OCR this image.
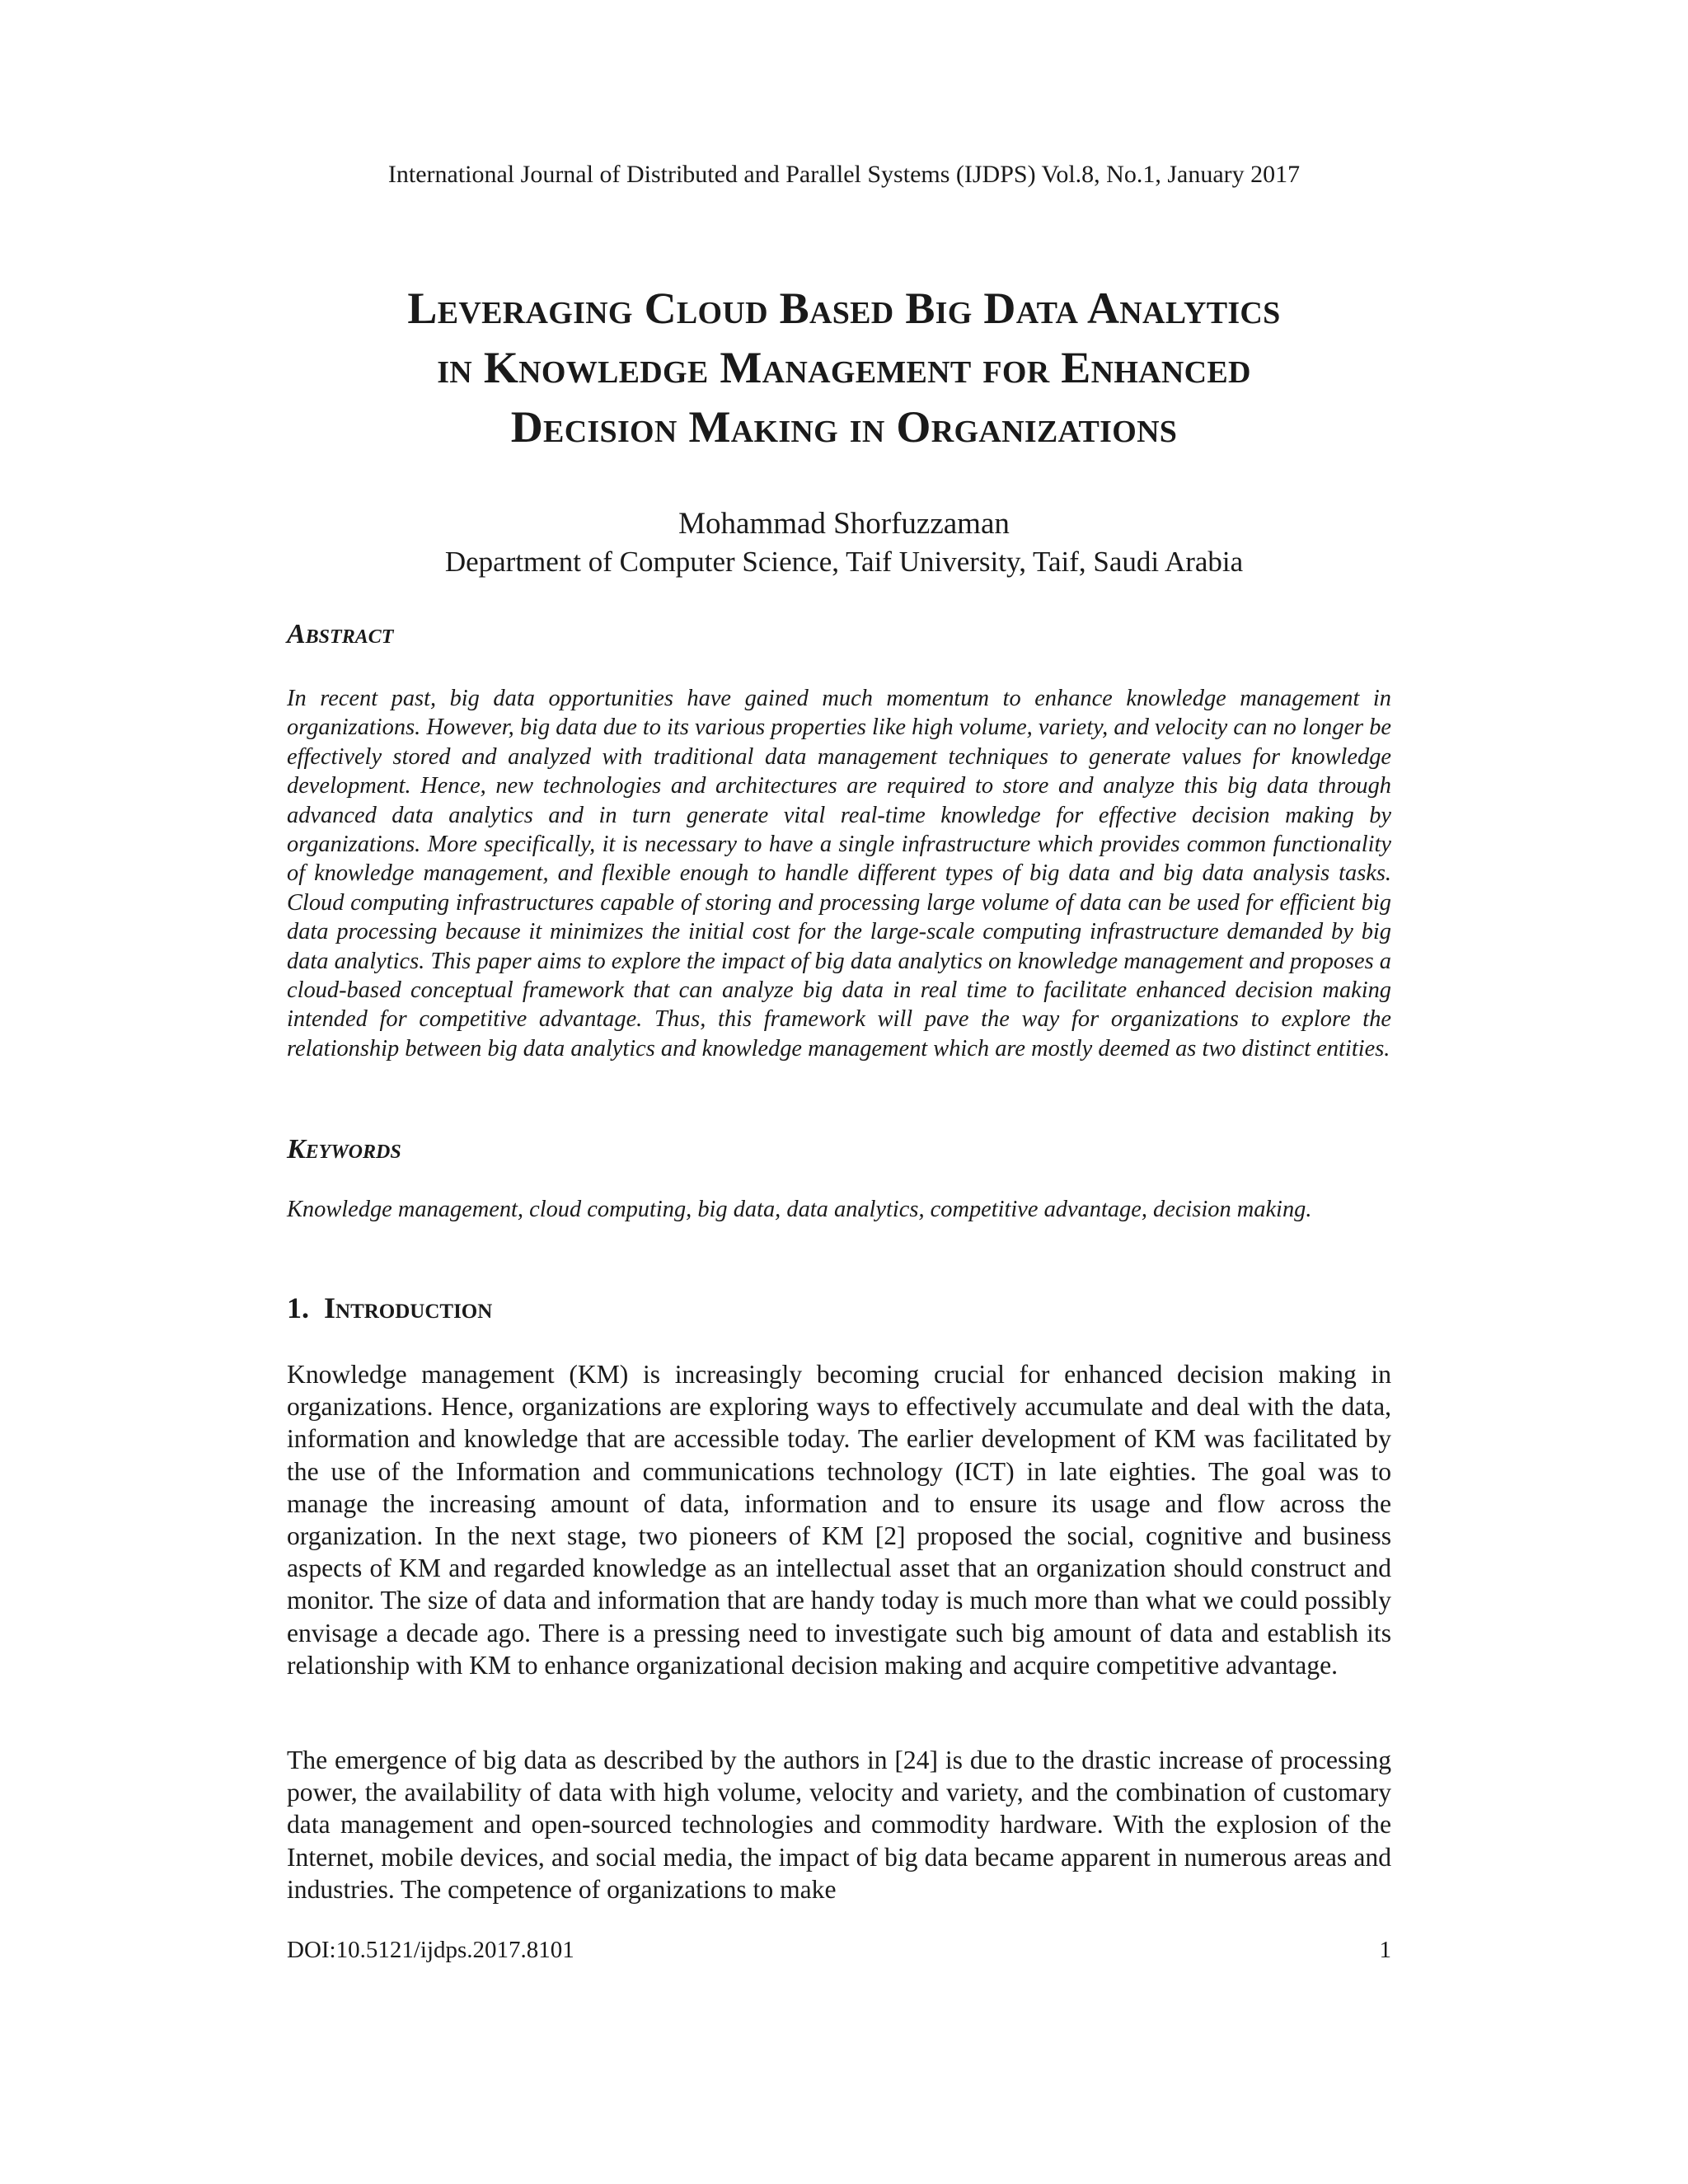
International Journal of Distributed and Parallel Systems (IJDPS) Vol.8, No.1, January 2017
Leveraging Cloud Based Big Data Analytics
in Knowledge Management for Enhanced
Decision Making in Organizations
Mohammad Shorfuzzaman
Department of Computer Science, Taif University, Taif, Saudi Arabia
Abstract
In recent past, big data opportunities have gained much momentum to enhance knowledge management in organizations. However, big data due to its various properties like high volume, variety, and velocity can no longer be effectively stored and analyzed with traditional data management techniques to generate values for knowledge development. Hence, new technologies and architectures are required to store and analyze this big data through advanced data analytics and in turn generate vital real-time knowledge for effective decision making by organizations. More specifically, it is necessary to have a single infrastructure which provides common functionality of knowledge management, and flexible enough to handle different types of big data and big data analysis tasks. Cloud computing infrastructures capable of storing and processing large volume of data can be used for efficient big data processing because it minimizes the initial cost for the large-scale computing infrastructure demanded by big data analytics. This paper aims to explore the impact of big data analytics on knowledge management and proposes a cloud-based conceptual framework that can analyze big data in real time to facilitate enhanced decision making intended for competitive advantage. Thus, this framework will pave the way for organizations to explore the relationship between big data analytics and knowledge management which are mostly deemed as two distinct entities.
Keywords
Knowledge management, cloud computing, big data, data analytics, competitive advantage, decision making.
1. Introduction
Knowledge management (KM) is increasingly becoming crucial for enhanced decision making in organizations. Hence, organizations are exploring ways to effectively accumulate and deal with the data, information and knowledge that are accessible today. The earlier development of KM was facilitated by the use of the Information and communications technology (ICT) in late eighties. The goal was to manage the increasing amount of data, information and to ensure its usage and flow across the organization. In the next stage, two pioneers of KM [2] proposed the social, cognitive and business aspects of KM and regarded knowledge as an intellectual asset that an organization should construct and monitor. The size of data and information that are handy today is much more than what we could possibly envisage a decade ago. There is a pressing need to investigate such big amount of data and establish its relationship with KM to enhance organizational decision making and acquire competitive advantage.
The emergence of big data as described by the authors in [24] is due to the drastic increase of processing power, the availability of data with high volume, velocity and variety, and the combination of customary data management and open-sourced technologies and commodity hardware. With the explosion of the Internet, mobile devices, and social media, the impact of big data became apparent in numerous areas and industries. The competence of organizations to make
DOI:10.5121/ijdps.2017.8101	1
